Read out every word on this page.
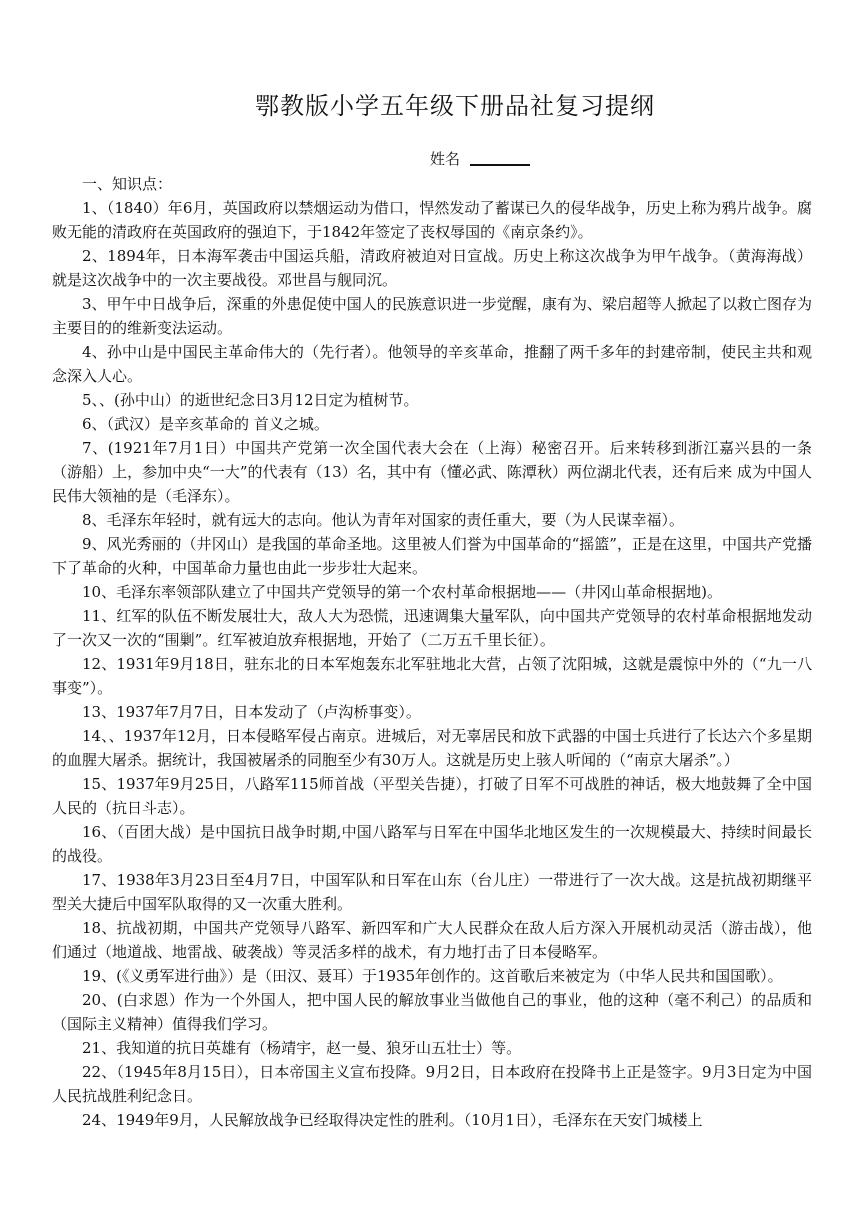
鄂教版小学五年级下册品社复习提纲
姓名

一、知识点：

1、（1840）年6月，英国政府以禁烟运动为借口，悍然发动了蓄谋已久的侵华战争，历史上称为鸦片战争。腐败无能的清政府在英国政府的强迫下，于1842年签定了丧权辱国的《南京条约》。

2、1894年，日本海军袭击中国运兵船，清政府被迫对日宣战。历史上称这次战争为甲午战争。（黄海海战）就是这次战争中的一次主要战役。邓世昌与舰同沉。

3、甲午中日战争后，深重的外患促使中国人的民族意识进一步觉醒，康有为、梁启超等人掀起了以救亡图存为主要目的的维新变法运动。

4、孙中山是中国民主革命伟大的（先行者）。他领导的辛亥革命，推翻了两千多年的封建帝制，使民主共和观念深入人心。

5、、(孙中山）的逝世纪念日3月12日定为植树节。

6、（武汉）是辛亥革命的 首义之城。

7、(1921年7月1日）中国共产党第一次全国代表大会在（上海）秘密召开。后来转移到浙江嘉兴县的一条（游船）上，参加中央“一大”的代表有（13）名，其中有（懂必武、陈潭秋）两位湖北代表，还有后来 成为中国人民伟大领袖的是（毛泽东）。

8、毛泽东年轻时，就有远大的志向。他认为青年对国家的责任重大，要（为人民谋幸福）。

9、风光秀丽的（井冈山）是我国的革命圣地。这里被人们誉为中国革命的“摇篮”，正是在这里，中国共产党播下了革命的火种，中国革命力量也由此一步步壮大起来。

10、毛泽东率领部队建立了中国共产党领导的第一个农村革命根据地——（井冈山革命根据地)。

11、红军的队伍不断发展壮大，敌人大为恐慌，迅速调集大量军队，向中国共产党领导的农村革命根据地发动了一次又一次的“围剿”。红军被迫放弃根据地，开始了（二万五千里长征）。

12、1931年9月18日，驻东北的日本军炮轰东北军驻地北大营，占领了沈阳城，这就是震惊中外的（“九一八事变”）。

13、1937年7月7日，日本发动了（卢沟桥事变）。

14、、1937年12月，日本侵略军侵占南京。进城后，对无辜居民和放下武器的中国士兵进行了长达六个多星期的血腥大屠杀。据统计，我国被屠杀的同胞至少有30万人。这就是历史上骇人听闻的（“南京大屠杀”。）

15、1937年9月25日，八路军115师首战（平型关告捷），打破了日军不可战胜的神话，极大地鼓舞了全中国人民的（抗日斗志）。

16、（百团大战）是中国抗日战争时期,中国八路军与日军在中国华北地区发生的一次规模最大、持续时间最长的战役。

17、1938年3月23日至4月7日，中国军队和日军在山东（台儿庄）一带进行了一次大战。这是抗战初期继平型关大捷后中国军队取得的又一次重大胜利。

18、抗战初期，中国共产党领导八路军、新四军和广大人民群众在敌人后方深入开展机动灵活（游击战），他们通过（地道战、地雷战、破袭战）等灵活多样的战术，有力地打击了日本侵略军。

19、(《义勇军进行曲》）是（田汉、聂耳）于1935年创作的。这首歌后来被定为（中华人民共和国国歌）。

20、(白求恩）作为一个外国人，把中国人民的解放事业当做他自己的事业，他的这种（毫不利己）的品质和（国际主义精神）值得我们学习。

21、我知道的抗日英雄有（杨靖宇，赵一曼、狼牙山五壮士）等。

22、（1945年8月15日），日本帝国主义宣布投降。9月2日，日本政府在投降书上正是签字。9月3日定为中国人民抗战胜利纪念日。

24、1949年9月，人民解放战争已经取得决定性的胜利。（10月1日），毛泽东在天安门城楼上
